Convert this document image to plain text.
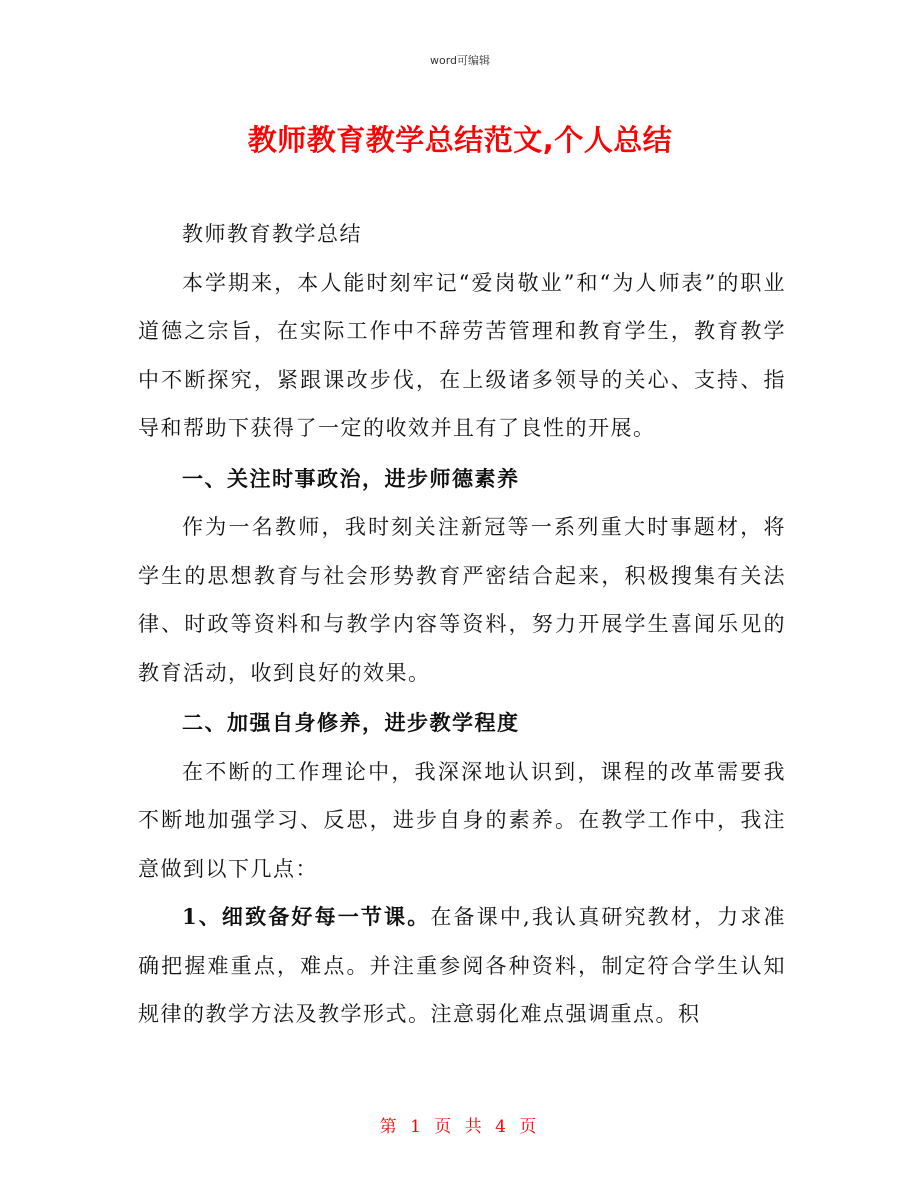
word可编辑
教师教育教学总结范文,个人总结

教师教育教学总结

本学期来，本人能时刻牢记“爱岗敬业”和“为人师表”的职业道德之宗旨，在实际工作中不辞劳苦管理和教育学生，教育教学中不断探究，紧跟课改步伐，在上级诸多领导的关心、支持、指导和帮助下获得了一定的收效并且有了良性的开展。

一、关注时事政治，进步师德素养

作为一名教师，我时刻关注新冠等一系列重大时事题材，将学生的思想教育与社会形势教育严密结合起来，积极搜集有关法律、时政等资料和与教学内容等资料，努力开展学生喜闻乐见的教育活动，收到良好的效果。

二、加强自身修养，进步教学程度

在不断的工作理论中，我深深地认识到，课程的改革需要我不断地加强学习、反思，进步自身的素养。在教学工作中，我注意做到以下几点：

1、细致备好每一节课。在备课中,我认真研究教材，力求准确把握难重点，难点。并注重参阅各种资料，制定符合学生认知规律的教学方法及教学形式。注意弱化难点强调重点。积

第 1 页 共 4 页
